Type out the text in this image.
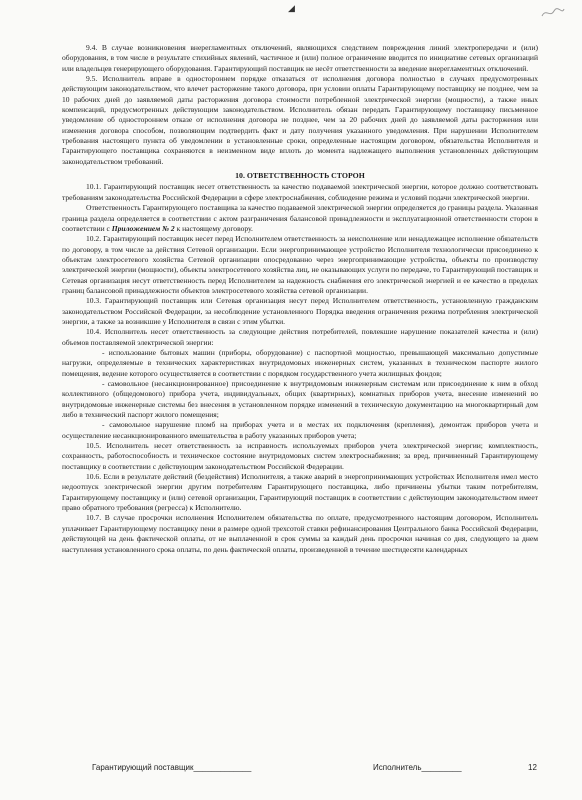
◢

9.4. В случае возникновения внерегламентных отключений, являющихся следствием повреждения линий электропередачи и (или) оборудования, в том числе в результате стихийных явлений, частичное и (или) полное ограничение вводится по инициативе сетевых организаций или владельцев генерирующего оборудования. Гарантирующий поставщик не несёт ответственности за введение внерегламентных отключений.

9.5. Исполнитель вправе в одностороннем порядке отказаться от исполнения договора полностью в случаях предусмотренных действующим законодательством, что влечет расторжение такого договора, при условии оплаты Гарантирующему поставщику не позднее, чем за 10 рабочих дней до заявляемой даты расторжения договора стоимости потребленной электрической энергии (мощности), а также иных компенсаций, предусмотренных действующим законодательством. Исполнитель обязан передать Гарантирующему поставщику письменное уведомление об одностороннем отказе от исполнения договора не позднее, чем за 20 рабочих дней до заявляемой даты расторжения или изменения договора способом, позволяющим подтвердить факт и дату получения указанного уведомления. При нарушении Исполнителем требования настоящего пункта об уведомлении в установленные сроки, определенные настоящим договором, обязательства Исполнителя и Гарантирующего поставщика сохраняются в неизменном виде вплоть до момента надлежащего выполнения установленных действующим законодательством требований.

10. ОТВЕТСТВЕННОСТЬ СТОРОН

10.1. Гарантирующий поставщик несет ответственность за качество подаваемой электрической энергии, которое должно соответствовать требованиям законодательства Российской Федерации в сфере электроснабжения, соблюдение режима и условий подачи электрической энергии.

Ответственность Гарантирующего поставщика за качество подаваемой электрической энергии определяется до границы раздела. Указанная граница раздела определяется в соответствии с актом разграничения балансовой принадлежности и эксплуатационной ответственности сторон в соответствии с Приложением № 2 к настоящему договору.

10.2. Гарантирующий поставщик несет перед Исполнителем ответственность за неисполнение или ненадлежащее исполнение обязательств по договору, в том числе за действия Сетевой организации. Если энергопринимающее устройство Исполнителя технологически присоединено к объектам электросетевого хозяйства Сетевой организации опосредованно через энергопринимающие устройства, объекты по производству электрической энергии (мощности), объекты электросетевого хозяйства лиц, не оказывающих услуги по передаче, то Гарантирующий поставщик и Сетевая организация несут ответственность перед Исполнителем за надежность снабжения его электрической энергией и ее качество в пределах границ балансовой принадлежности объектов электросетевого хозяйства сетевой организации.

10.3. Гарантирующий поставщик или Сетевая организация несут перед Исполнителем ответственность, установленную гражданским законодательством Российской Федерации, за несоблюдение установленного Порядка введения ограничения режима потребления электрической энергии, а также за возникшие у Исполнителя в связи с этим убытки.

10.4. Исполнитель несет ответственность за следующие действия потребителей, повлекшие нарушение показателей качества и (или) объемов поставляемой электрической энергии:

- использование бытовых машин (приборы, оборудование) с паспортной мощностью, превышающей максимально допустимые нагрузки, определяемые в технических характеристиках внутридомовых инженерных систем, указанных в техническом паспорте жилого помещения, ведение которого осуществляется в соответствии с порядком государственного учета жилищных фондов;

- самовольное (несанкционированное) присоединение к внутридомовым инженерным системам или присоединение к ним в обход коллективного (общедомового) прибора учета, индивидуальных, общих (квартирных), комнатных приборов учета, внесение изменений во внутридомовые инженерные системы без внесения в установленном порядке изменений в техническую документацию на многоквартирный дом либо в технический паспорт жилого помещения;

- самовольное нарушение пломб на приборах учета и в местах их подключения (крепления), демонтаж приборов учета и осуществление несанкционированного вмешательства в работу указанных приборов учета;

10.5. Исполнитель несет ответственность за исправность используемых приборов учета электрической энергии; комплектность, сохранность, работоспособность и техническое состояние внутридомовых систем электроснабжения; за вред, причиненный Гарантирующему поставщику в соответствии с действующим законодательством Российской Федерации.

10.6. Если в результате действий (бездействия) Исполнителя, а также аварий в энергопринимающих устройствах Исполнителя имел место недоотпуск электрической энергии другим потребителям Гарантирующего поставщика, либо причинены убытки таким потребителям, Гарантирующему поставщику и (или) сетевой организации, Гарантирующий поставщик в соответствии с действующим законодательством имеет право обратного требования (регресса) к Исполнителю.

10.7. В случае просрочки исполнения Исполнителем обязательства по оплате, предусмотренного настоящим договором, Исполнитель уплачивает Гарантирующему поставщику пени в размере одной трехсотой ставки рефинансирования Центрального банка Российской Федерации, действующей на день фактической оплаты, от не выплаченной в срок суммы за каждый день просрочки начиная со дня, следующего за днем наступления установленного срока оплаты, по день фактической оплаты, произведенной в течение шестидесяти календарных

Гарантирующий поставщик_____________	Исполнитель_________	12
